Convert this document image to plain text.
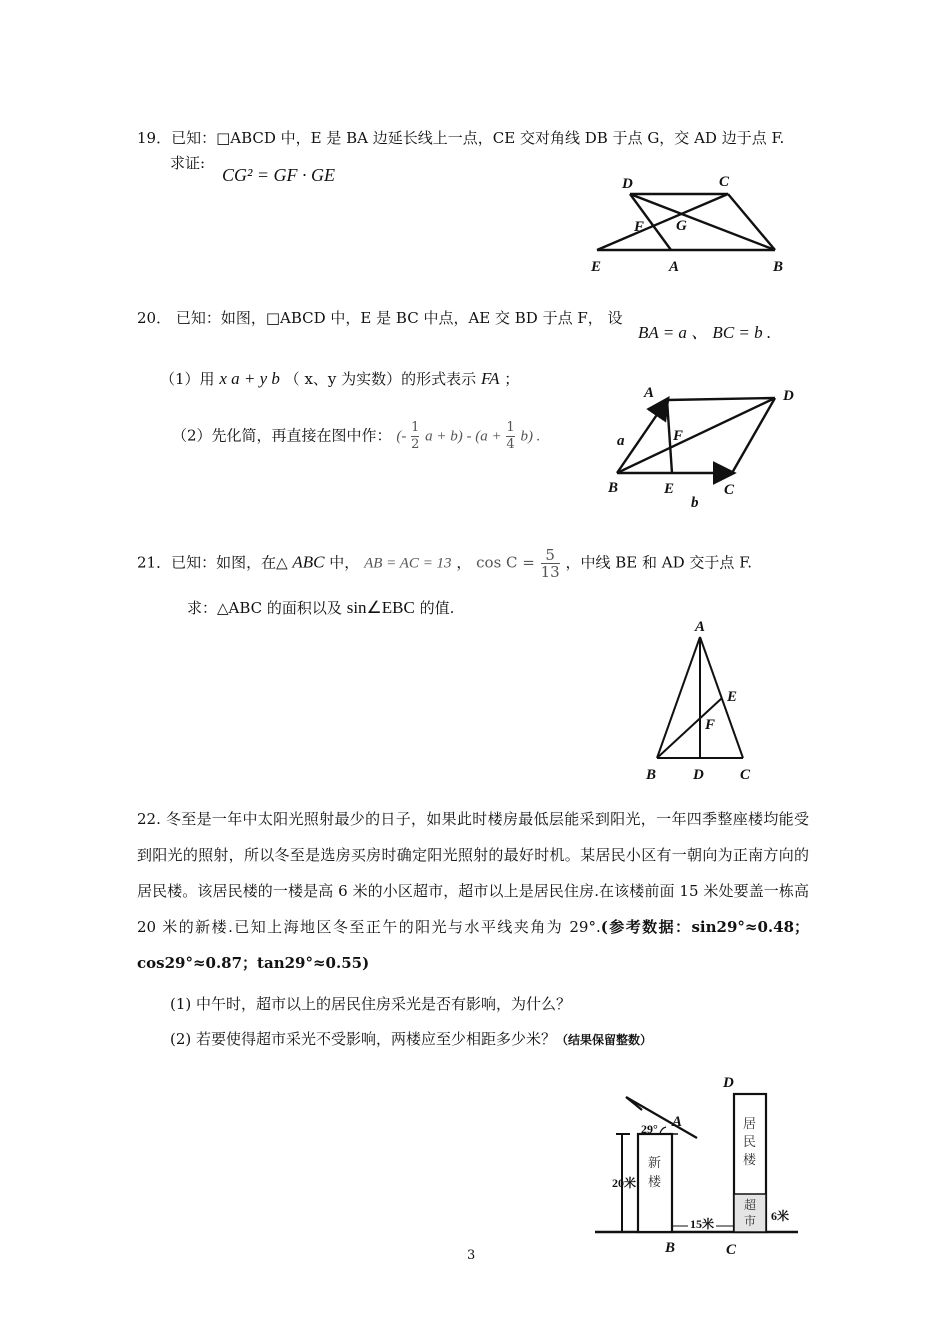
19．已知：□ABCD 中，E 是 BA 边延长线上一点，CE 交对角线 DB 于点 G，交 AD 边于点 F.
求证:
CG² = GF · GE	D	C
F G
E	A	B
20． 已知：如图，□ABCD 中，E 是 BC 中点，AE 交 BD 于点 F， 设
BA = a 、 BC = b .
（1）用 x a + y b （ x、y 为实数）的形式表示 FA ；
（2）先化简，再直接在图中作： (- $\frac{1}{2}$ $a + b) - (a + \frac{1}{4} b)$ .
A	D
F
a
B	E	C
b
21．已知：如图，在△ ABC 中， AB = AC = 13 ， $\cos C = \frac{5}{13}$ ，中线 BE 和 AD 交于点 F.
求：△ABC 的面积以及 sin∠EBC 的值.
A
E
F
B D C
22. 冬至是一年中太阳光照射最少的日子，如果此时楼房最低层能采到阳光，一年四季整座楼均能受到阳光的照射，所以冬至是选房买房时确定阳光照射的最好时机。某居民小区有一朝向为正南方向的居民楼。该居民楼的一楼是高 6 米的小区超市，超市以上是居民住房.在该楼前面 15 米处要盖一栋高 20 米的新楼.已知上海地区冬至正午的阳光与水平线夹角为 29°.(参考数据：sin29°≈0.48；cos29°≈0.87；tan29°≈0.55)
(1) 中午时，超市以上的居民住房采光是否有影响，为什么？
(2) 若要使得超市采光不受影响，两楼应至少相距多少米？（结果保留整数）
D
A
B	C
29°
20米
15米
6米
新
楼
居
民
楼
超
市
3
